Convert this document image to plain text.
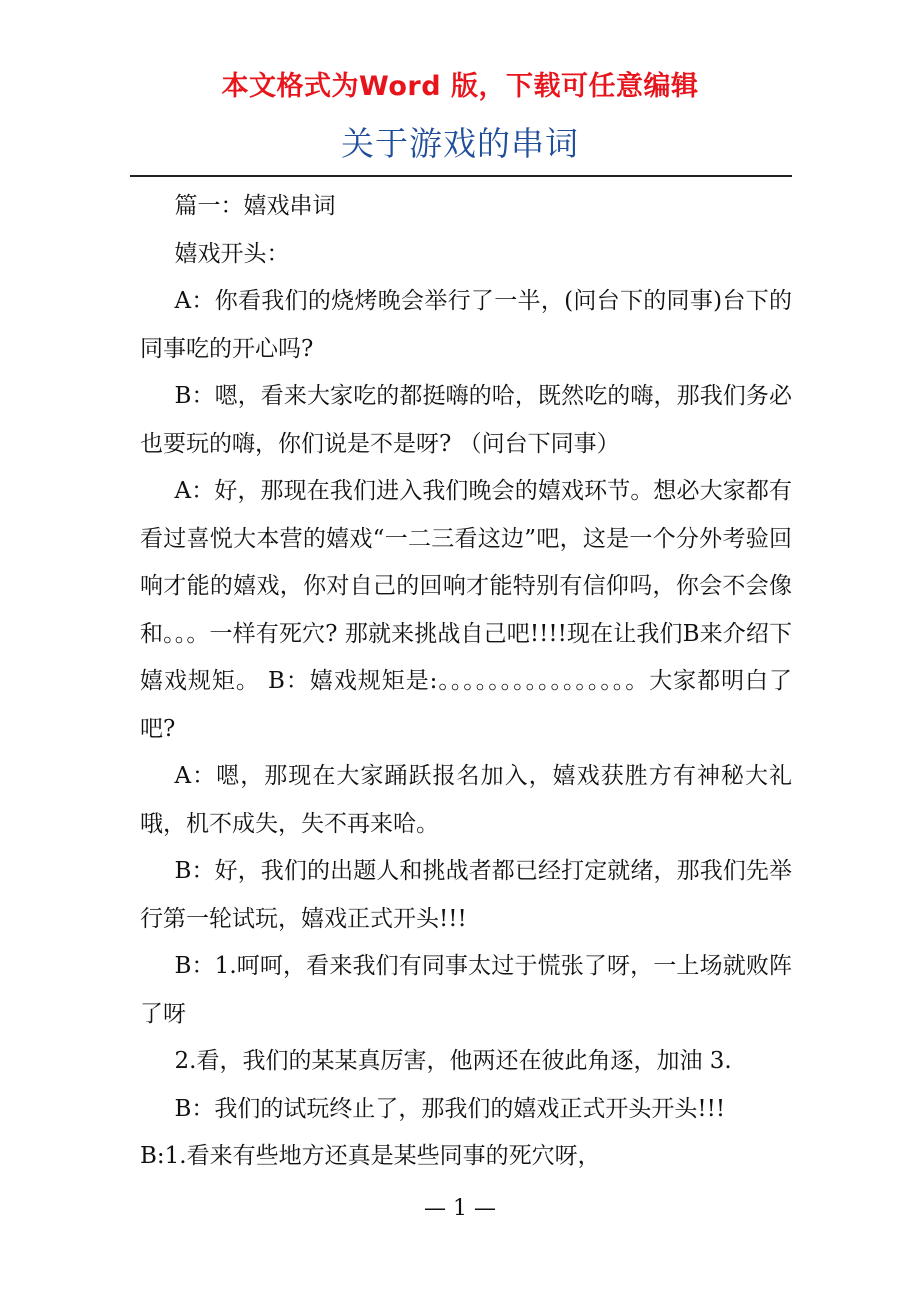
本文格式为Word 版，下载可任意编辑
关于游戏的串词

篇一：嬉戏串词

嬉戏开头：

A：你看我们的烧烤晚会举行了一半，(问台下的同事)台下的同事吃的开心吗?

B：嗯，看来大家吃的都挺嗨的哈，既然吃的嗨，那我们务必也要玩的嗨，你们说是不是呀? （问台下同事）

A：好，那现在我们进入我们晚会的嬉戏环节。想必大家都有看过喜悦大本营的嬉戏“一二三看这边”吧，这是一个分外考验回响才能的嬉戏，你对自己的回响才能特别有信仰吗，你会不会像和。。。一样有死穴? 那就来挑战自己吧!!!!现在让我们B来介绍下嬉戏规矩。 B：嬉戏规矩是:。。。。。。。。。。。。。。。。大家都明白了吧?

A：嗯，那现在大家踊跃报名加入，嬉戏获胜方有神秘大礼哦，机不成失，失不再来哈。

B：好，我们的出题人和挑战者都已经打定就绪，那我们先举行第一轮试玩，嬉戏正式开头!!!

B：1.呵呵，看来我们有同事太过于慌张了呀，一上场就败阵了呀

2.看，我们的某某真厉害，他两还在彼此角逐，加油 3.

B：我们的试玩终止了，那我们的嬉戏正式开头开头!!!

B:1.看来有些地方还真是某些同事的死穴呀，

— 1 —
